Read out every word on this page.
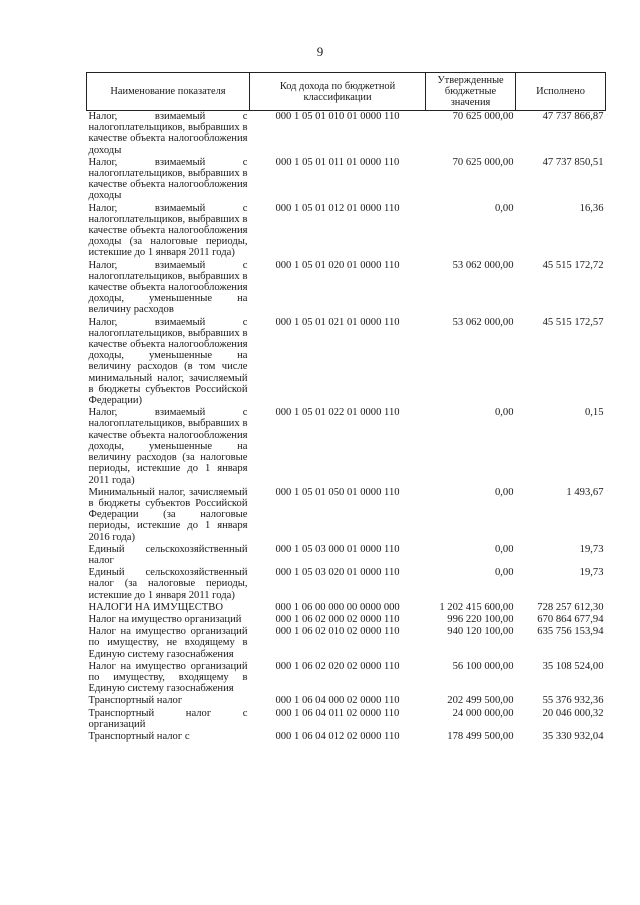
9
Наименование показателя	Код дохода по бюджетной классификации	Утвержденные бюджетные значения	Исполнено
Налог, взимаемый с налогоплательщиков, выбравших в качестве объекта налогообложения доходы	000 1 05 01 010 01 0000 110	70 625 000,00	47 737 866,87
Налог, взимаемый с налогоплательщиков, выбравших в качестве объекта налогообложения доходы	000 1 05 01 011 01 0000 110	70 625 000,00	47 737 850,51
Налог, взимаемый с налогоплательщиков, выбравших в качестве объекта налогообложения доходы (за налоговые периоды, истекшие до 1 января 2011 года)	000 1 05 01 012 01 0000 110	0,00	16,36
Налог, взимаемый с налогоплательщиков, выбравших в качестве объекта налогообложения доходы, уменьшенные на величину расходов	000 1 05 01 020 01 0000 110	53 062 000,00	45 515 172,72
Налог, взимаемый с налогоплательщиков, выбравших в качестве объекта налогообложения доходы, уменьшенные на величину расходов (в том числе минимальный налог, зачисляемый в бюджеты субъектов Российской Федерации)	000 1 05 01 021 01 0000 110	53 062 000,00	45 515 172,57
Налог, взимаемый с налогоплательщиков, выбравших в качестве объекта налогообложения доходы, уменьшенные на величину расходов (за налоговые периоды, истекшие до 1 января 2011 года)	000 1 05 01 022 01 0000 110	0,00	0,15
Минимальный налог, зачисляемый в бюджеты субъектов Российской Федерации (за налоговые периоды, истекшие до 1 января 2016 года)	000 1 05 01 050 01 0000 110	0,00	1 493,67
Единый сельскохозяйственный налог	000 1 05 03 000 01 0000 110	0,00	19,73
Единый сельскохозяйственный налог (за налоговые периоды, истекшие до 1 января 2011 года)	000 1 05 03 020 01 0000 110	0,00	19,73
НАЛОГИ НА ИМУЩЕСТВО	000 1 06 00 000 00 0000 000	1 202 415 600,00	728 257 612,30
Налог на имущество организаций	000 1 06 02 000 02 0000 110	996 220 100,00	670 864 677,94
Налог на имущество организаций по имуществу, не входящему в Единую систему газоснабжения	000 1 06 02 010 02 0000 110	940 120 100,00	635 756 153,94
Налог на имущество организаций по имуществу, входящему в Единую систему газоснабжения	000 1 06 02 020 02 0000 110	56 100 000,00	35 108 524,00
Транспортный налог	000 1 06 04 000 02 0000 110	202 499 500,00	55 376 932,36
Транспортный налог с организаций	000 1 06 04 011 02 0000 110	24 000 000,00	20 046 000,32
Транспортный налог с	000 1 06 04 012 02 0000 110	178 499 500,00	35 330 932,04
